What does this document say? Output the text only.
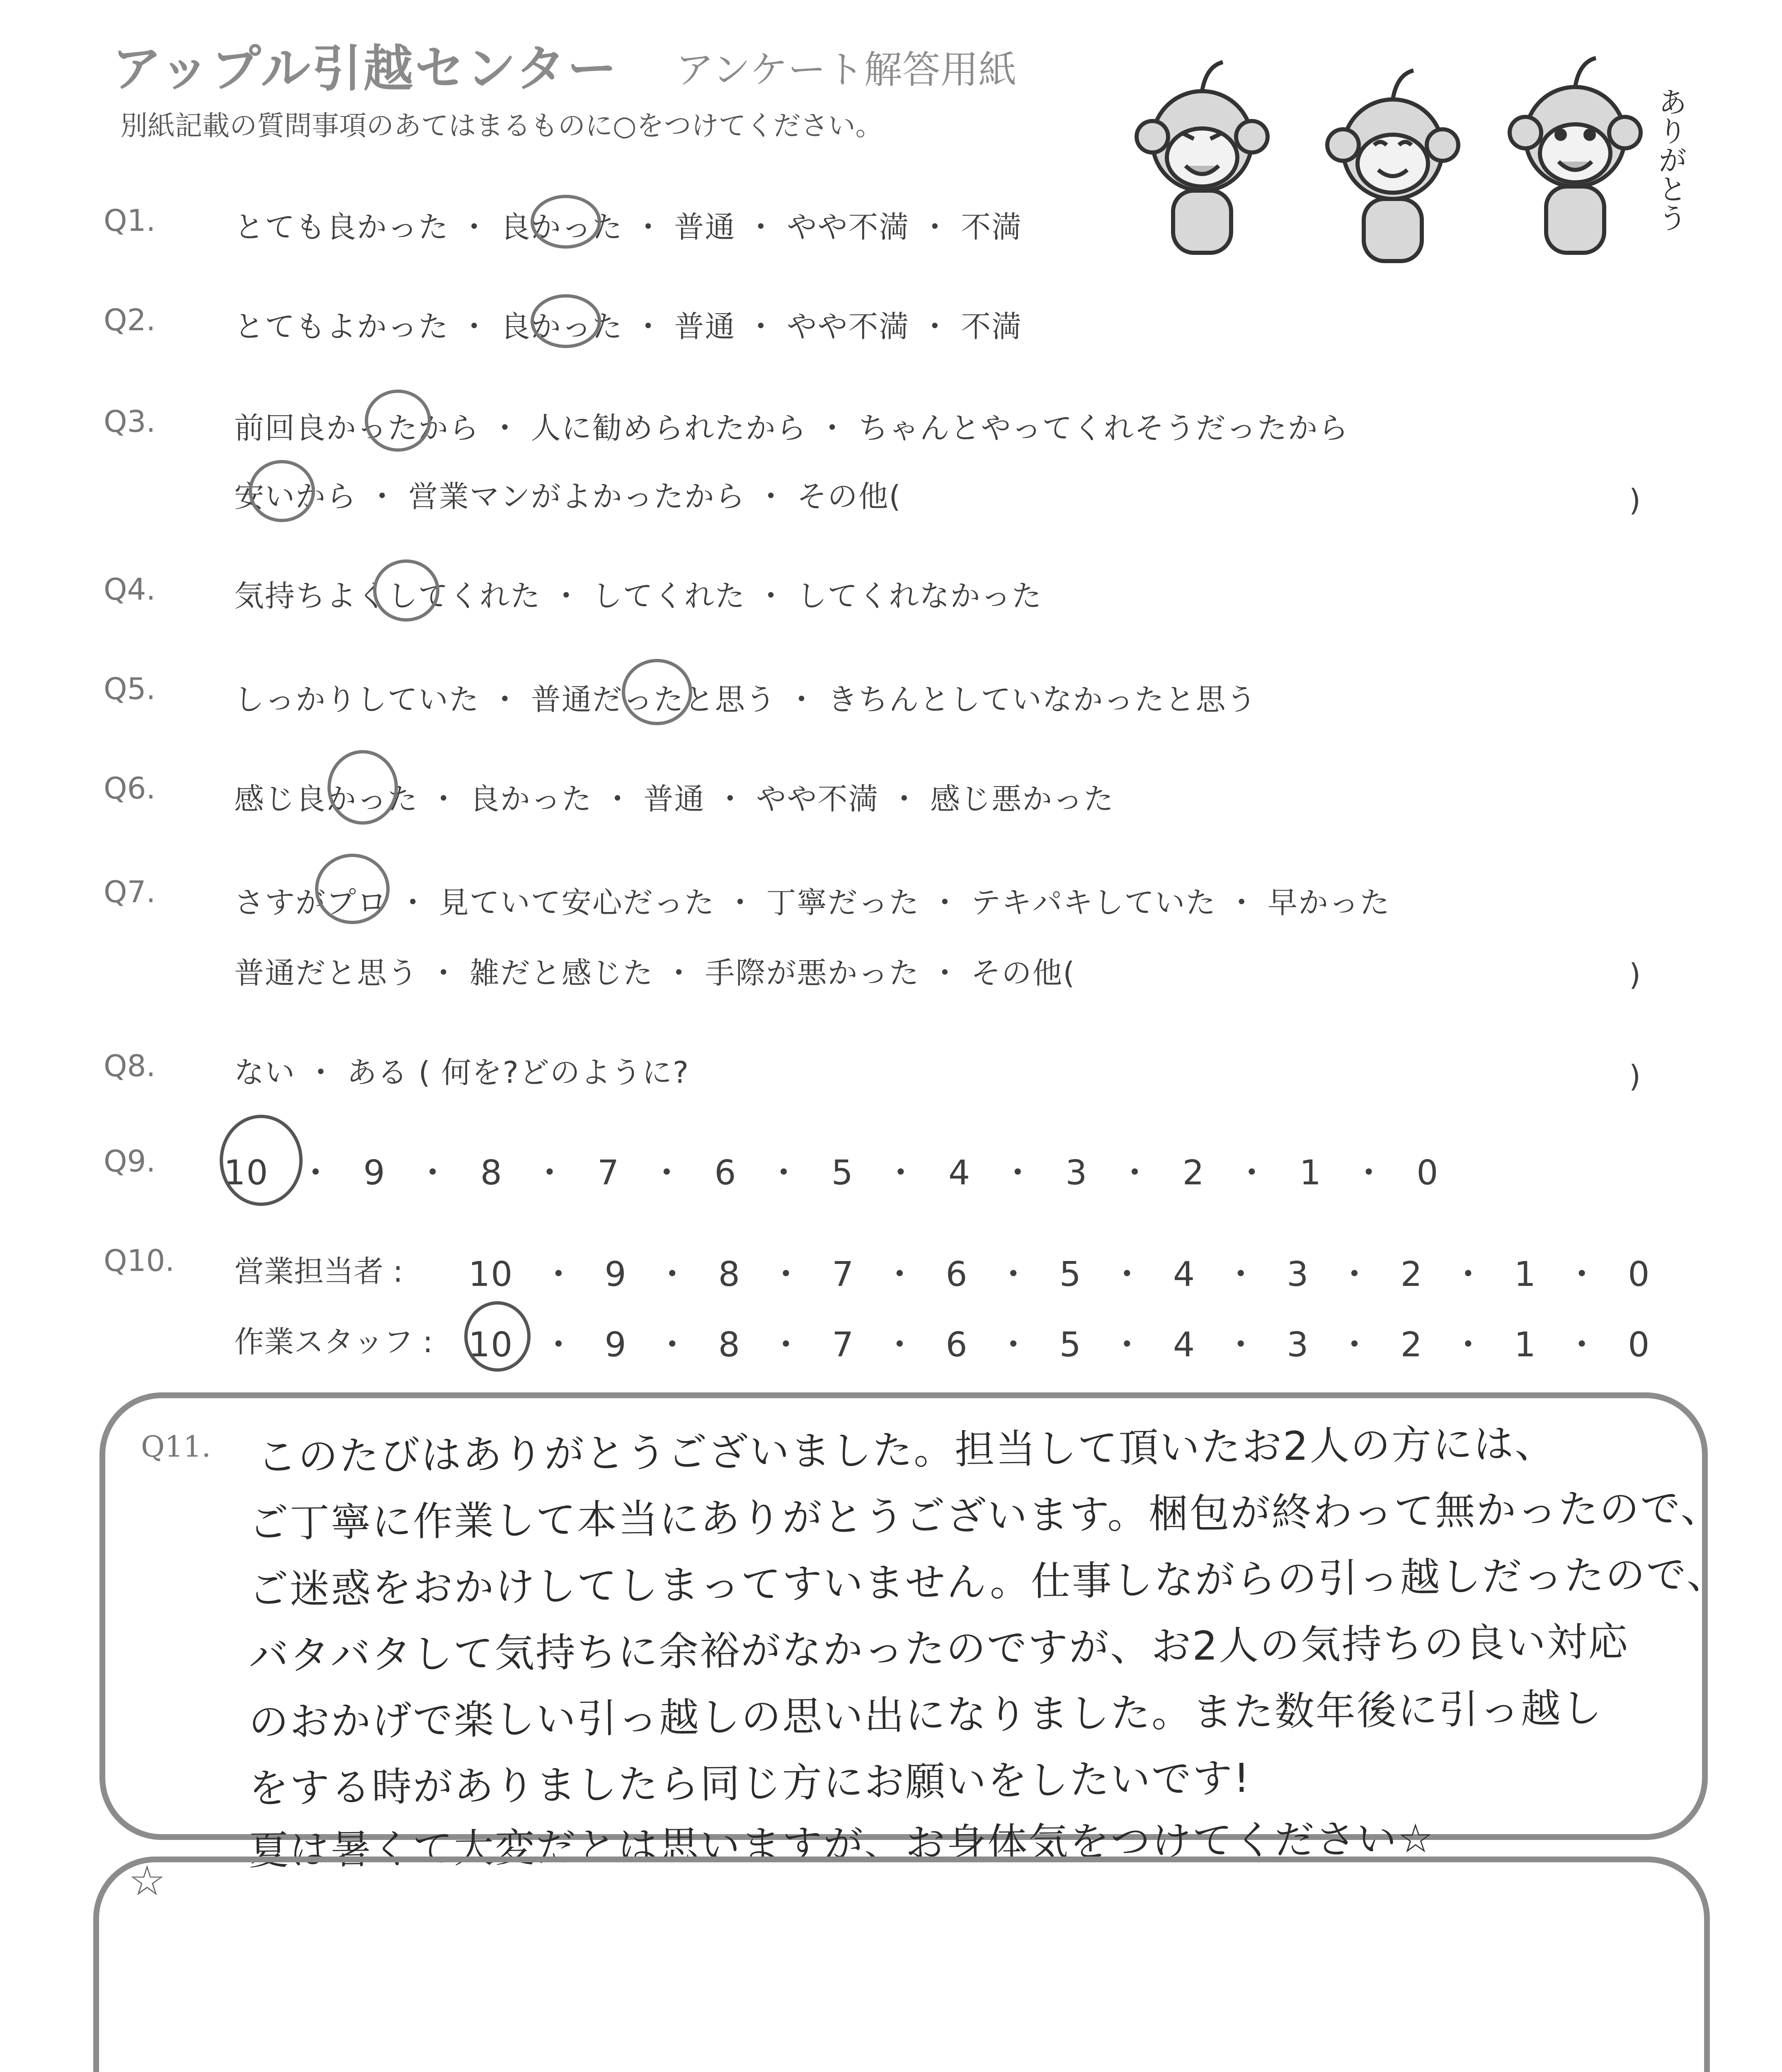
アップル引越センター アンケート解答用紙
別紙記載の質問事項のあてはまるものに○をつけてください。	ありがとう
Q1.	とても良かった ・ 良かった ・ 普通 ・ やや不満 ・ 不満
Q2.	とてもよかった ・ 良かった ・ 普通 ・ やや不満 ・ 不満
Q3.	前回良かったから ・ 人に勧められたから ・ ちゃんとやってくれそうだったから
安いから ・ 営業マンがよかったから ・ その他(	)
Q4.	気持ちよくしてくれた ・ してくれた ・ してくれなかった
Q5.	しっかりしていた ・ 普通だったと思う ・ きちんとしていなかったと思う
Q6.	感じ良かった ・ 良かった ・ 普通 ・ やや不満 ・ 感じ悪かった
Q7.	さすがプロ ・ 見ていて安心だった ・ 丁寧だった ・ テキパキしていた ・ 早かった
普通だと思う ・ 雑だと感じた ・ 手際が悪かった ・ その他(	)
Q8.	ない ・ ある ( 何を?どのように?	)
Q9. 10 ・ 9 ・ 8 ・ 7 ・ 6 ・ 5 ・ 4 ・ 3 ・ 2 ・ 1 ・ 0
Q10. 営業担当者 : 10 ・ 9 ・ 8 ・ 7 ・ 6 ・ 5 ・ 4 ・ 3 ・ 2 ・ 1 ・ 0
作業スタッフ : 10 ・ 9 ・ 8 ・ 7 ・ 6 ・ 5 ・ 4 ・ 3 ・ 2 ・ 1 ・ 0
Q11. このたびはありがとうございました。担当して頂いたお2人の方には、
ご丁寧に作業して本当にありがとうございます。梱包が終わって無かったので、
ご迷惑をおかけしてしまってすいません。仕事しながらの引っ越しだったので、
バタバタして気持ちに余裕がなかったのですが、お2人の気持ちの良い対応
のおかげで楽しい引っ越しの思い出になりました。また数年後に引っ越し
をする時がありましたら同じ方にお願いをしたいです!
夏は暑くて大変だとは思いますが、お身体気をつけてください☆
☆
